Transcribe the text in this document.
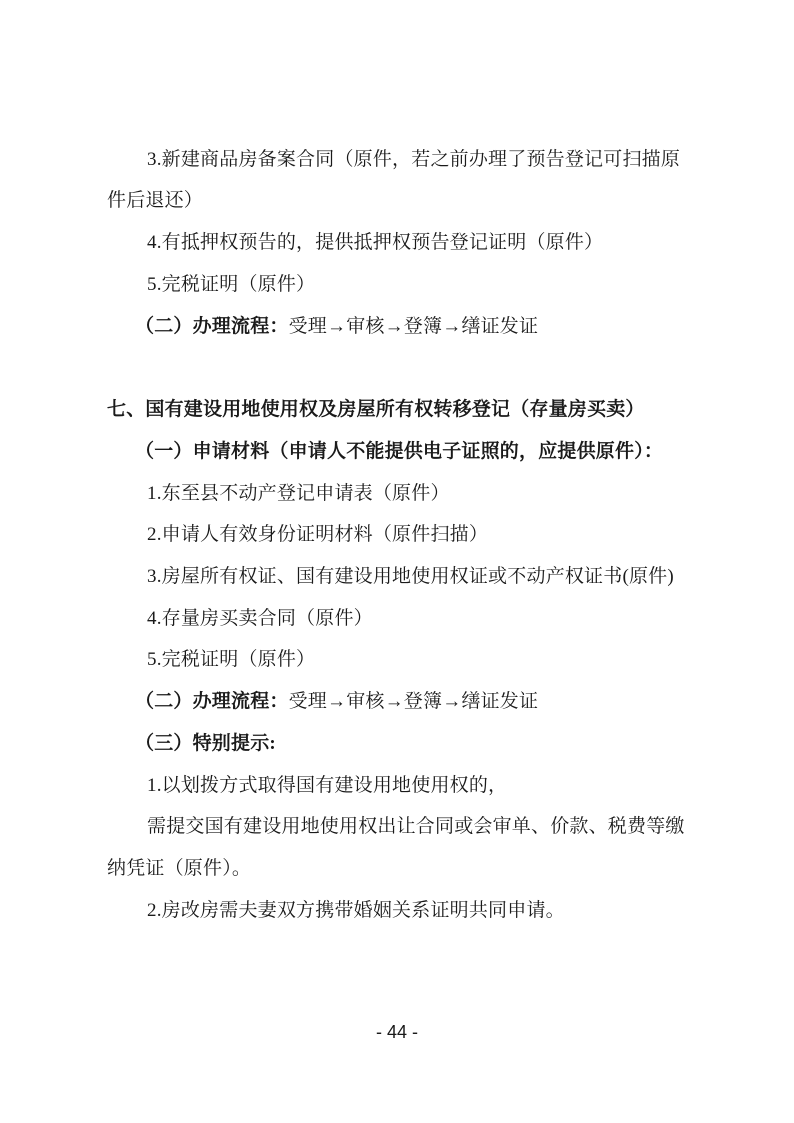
3.新建商品房备案合同（原件，若之前办理了预告登记可扫描原
件后退还）
4.有抵押权预告的，提供抵押权预告登记证明（原件）
5.完税证明（原件）
（二）办理流程：受理→审核→登簿→缮证发证
七、国有建设用地使用权及房屋所有权转移登记（存量房买卖）
（一）申请材料（申请人不能提供电子证照的，应提供原件）：
1.东至县不动产登记申请表（原件）
2.申请人有效身份证明材料（原件扫描）
3.房屋所有权证、国有建设用地使用权证或不动产权证书(原件)
4.存量房买卖合同（原件）
5.完税证明（原件）
（二）办理流程：受理→审核→登簿→缮证发证
（三）特别提示:
1.以划拨方式取得国有建设用地使用权的，
需提交国有建设用地使用权出让合同或会审单、价款、税费等缴
纳凭证（原件）。
2.房改房需夫妻双方携带婚姻关系证明共同申请。
- 44 -
